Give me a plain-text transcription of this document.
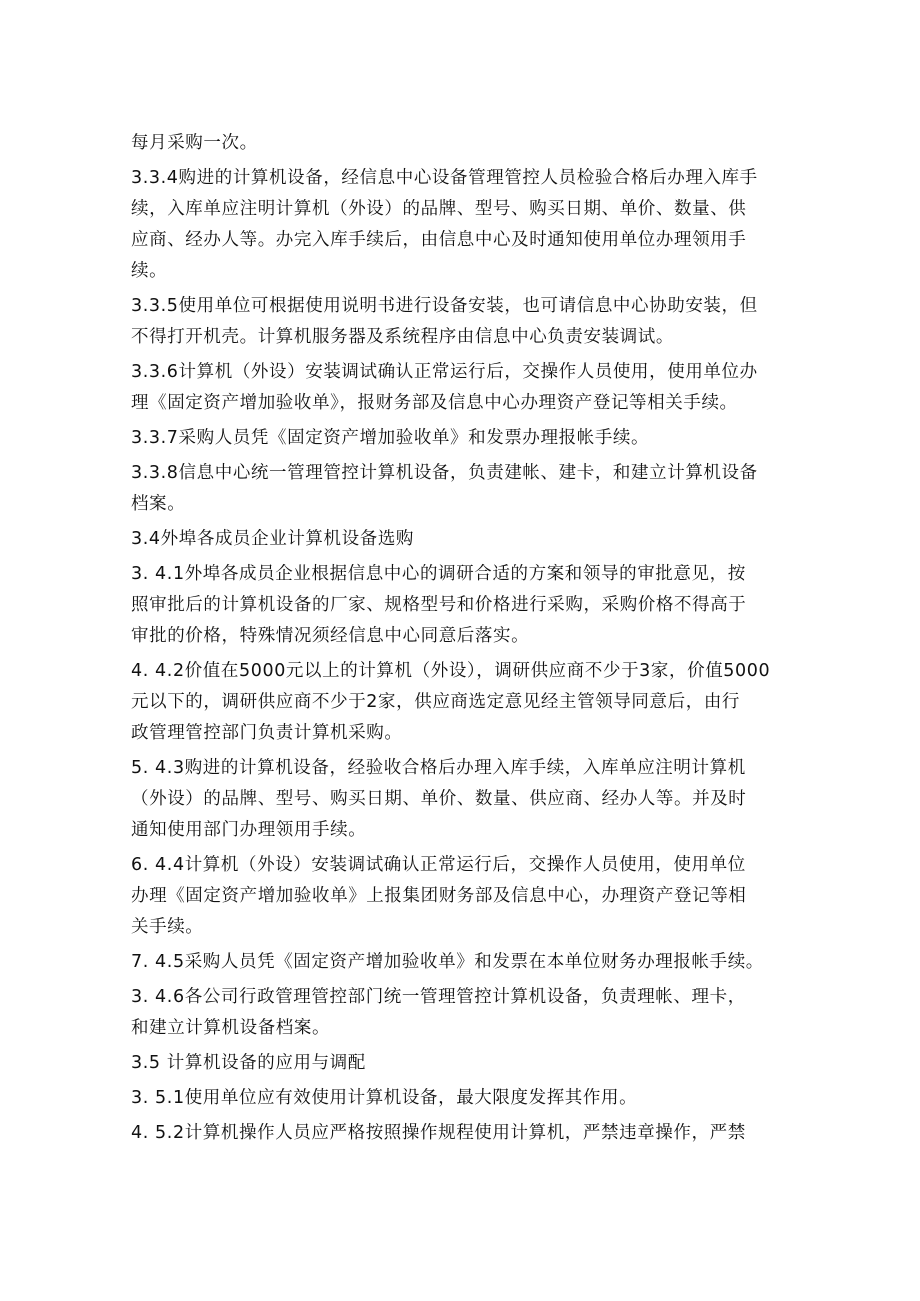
每月采购一次。
3.3.4购进的计算机设备，经信息中心设备管理管控人员检验合格后办理入库手
续，入库单应注明计算机（外设）的品牌、型号、购买日期、单价、数量、供
应商、经办人等。办完入库手续后，由信息中心及时通知使用单位办理领用手
续。
3.3.5使用单位可根据使用说明书进行设备安装，也可请信息中心协助安装，但
不得打开机壳。计算机服务器及系统程序由信息中心负责安装调试。
3.3.6计算机（外设）安装调试确认正常运行后，交操作人员使用，使用单位办
理《固定资产增加验收单》，报财务部及信息中心办理资产登记等相关手续。
3.3.7采购人员凭《固定资产增加验收单》和发票办理报帐手续。
3.3.8信息中心统一管理管控计算机设备，负责建帐、建卡，和建立计算机设备
档案。
3.4外埠各成员企业计算机设备选购
3. 4.1外埠各成员企业根据信息中心的调研合适的方案和领导的审批意见，按
照审批后的计算机设备的厂家、规格型号和价格进行采购，采购价格不得高于
审批的价格，特殊情况须经信息中心同意后落实。
4. 4.2价值在5000元以上的计算机（外设），调研供应商不少于3家，价值5000
元以下的，调研供应商不少于2家，供应商选定意见经主管领导同意后，由行
政管理管控部门负责计算机采购。
5. 4.3购进的计算机设备，经验收合格后办理入库手续，入库单应注明计算机
（外设）的品牌、型号、购买日期、单价、数量、供应商、经办人等。并及时
通知使用部门办理领用手续。
6. 4.4计算机（外设）安装调试确认正常运行后，交操作人员使用，使用单位
办理《固定资产增加验收单》上报集团财务部及信息中心，办理资产登记等相
关手续。
7. 4.5采购人员凭《固定资产增加验收单》和发票在本单位财务办理报帐手续。
3. 4.6各公司行政管理管控部门统一管理管控计算机设备，负责理帐、理卡，
和建立计算机设备档案。
3.5 计算机设备的应用与调配
3. 5.1使用单位应有效使用计算机设备，最大限度发挥其作用。
4. 5.2计算机操作人员应严格按照操作规程使用计算机，严禁违章操作，严禁
